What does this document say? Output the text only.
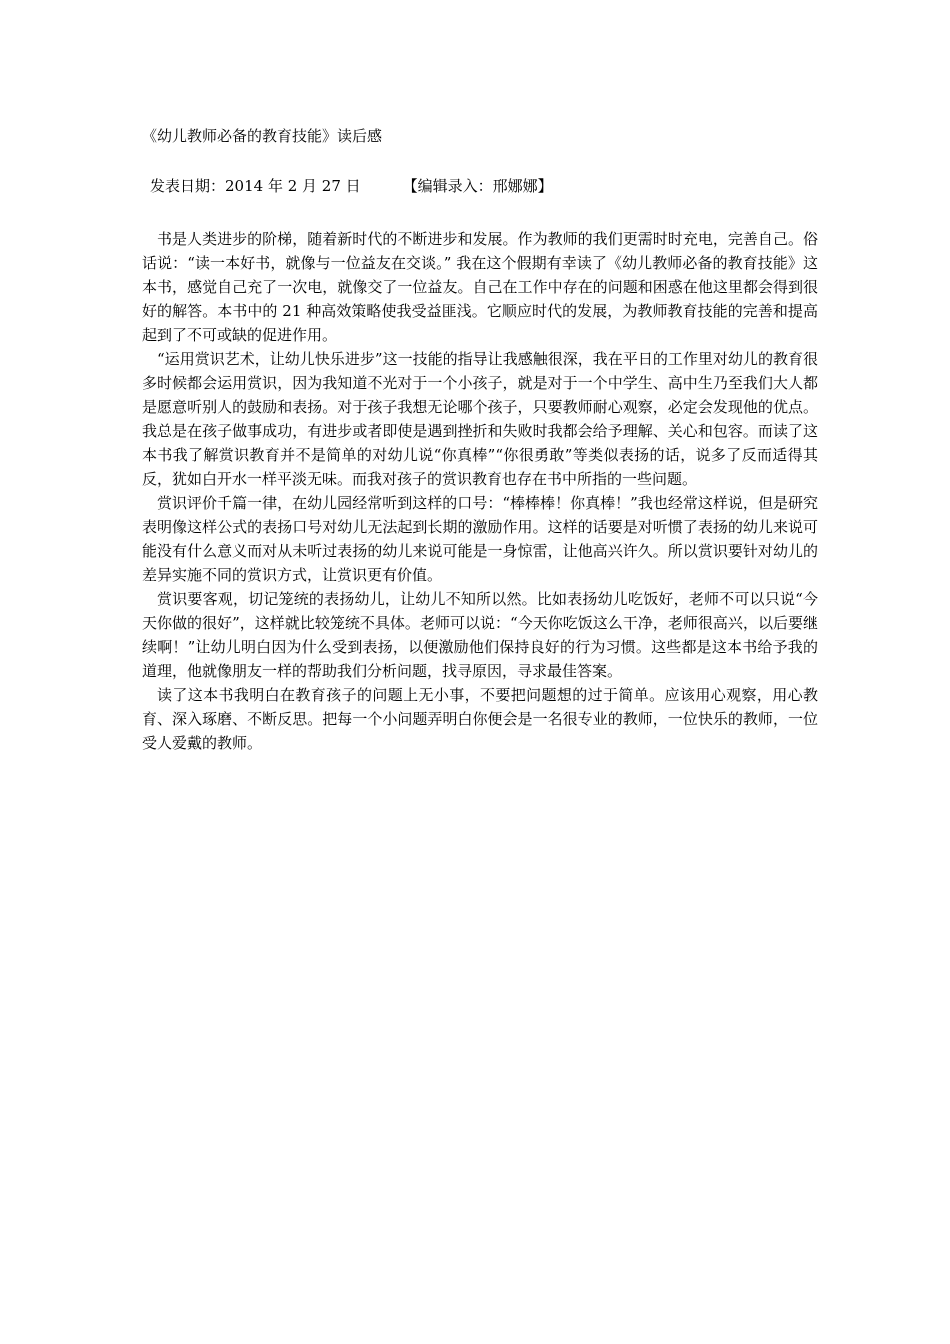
《幼儿教师必备的教育技能》读后感
发表日期：2014 年 2 月 27 日	【编辑录入：邢娜娜】

书是人类进步的阶梯，随着新时代的不断进步和发展。作为教师的我们更需时时充电，完善自己。俗话说：“读一本好书，就像与一位益友在交谈。” 我在这个假期有幸读了《幼儿教师必备的教育技能》这本书，感觉自己充了一次电，就像交了一位益友。自己在工作中存在的问题和困惑在他这里都会得到很好的解答。本书中的 21 种高效策略使我受益匪浅。它顺应时代的发展，为教师教育技能的完善和提高起到了不可或缺的促进作用。

“运用赏识艺术，让幼儿快乐进步”这一技能的指导让我感触很深，我在平日的工作里对幼儿的教育很多时候都会运用赏识，因为我知道不光对于一个小孩子，就是对于一个中学生、高中生乃至我们大人都是愿意听别人的鼓励和表扬。对于孩子我想无论哪个孩子，只要教师耐心观察，必定会发现他的优点。我总是在孩子做事成功，有进步或者即使是遇到挫折和失败时我都会给予理解、关心和包容。而读了这本书我了解赏识教育并不是简单的对幼儿说“你真棒”“你很勇敢”等类似表扬的话，说多了反而适得其反，犹如白开水一样平淡无味。而我对孩子的赏识教育也存在书中所指的一些问题。

赏识评价千篇一律，在幼儿园经常听到这样的口号：“棒棒棒！你真棒！”我也经常这样说，但是研究表明像这样公式的表扬口号对幼儿无法起到长期的激励作用。这样的话要是对听惯了表扬的幼儿来说可能没有什么意义而对从未听过表扬的幼儿来说可能是一身惊雷，让他高兴许久。所以赏识要针对幼儿的差异实施不同的赏识方式，让赏识更有价值。

赏识要客观，切记笼统的表扬幼儿，让幼儿不知所以然。比如表扬幼儿吃饭好，老师不可以只说“今天你做的很好”，这样就比较笼统不具体。老师可以说：“今天你吃饭这么干净，老师很高兴，以后要继续啊！”让幼儿明白因为什么受到表扬，以便激励他们保持良好的行为习惯。这些都是这本书给予我的道理，他就像朋友一样的帮助我们分析问题，找寻原因，寻求最佳答案。

读了这本书我明白在教育孩子的问题上无小事，不要把问题想的过于简单。应该用心观察，用心教育、深入琢磨、不断反思。把每一个小问题弄明白你便会是一名很专业的教师，一位快乐的教师，一位受人爱戴的教师。
